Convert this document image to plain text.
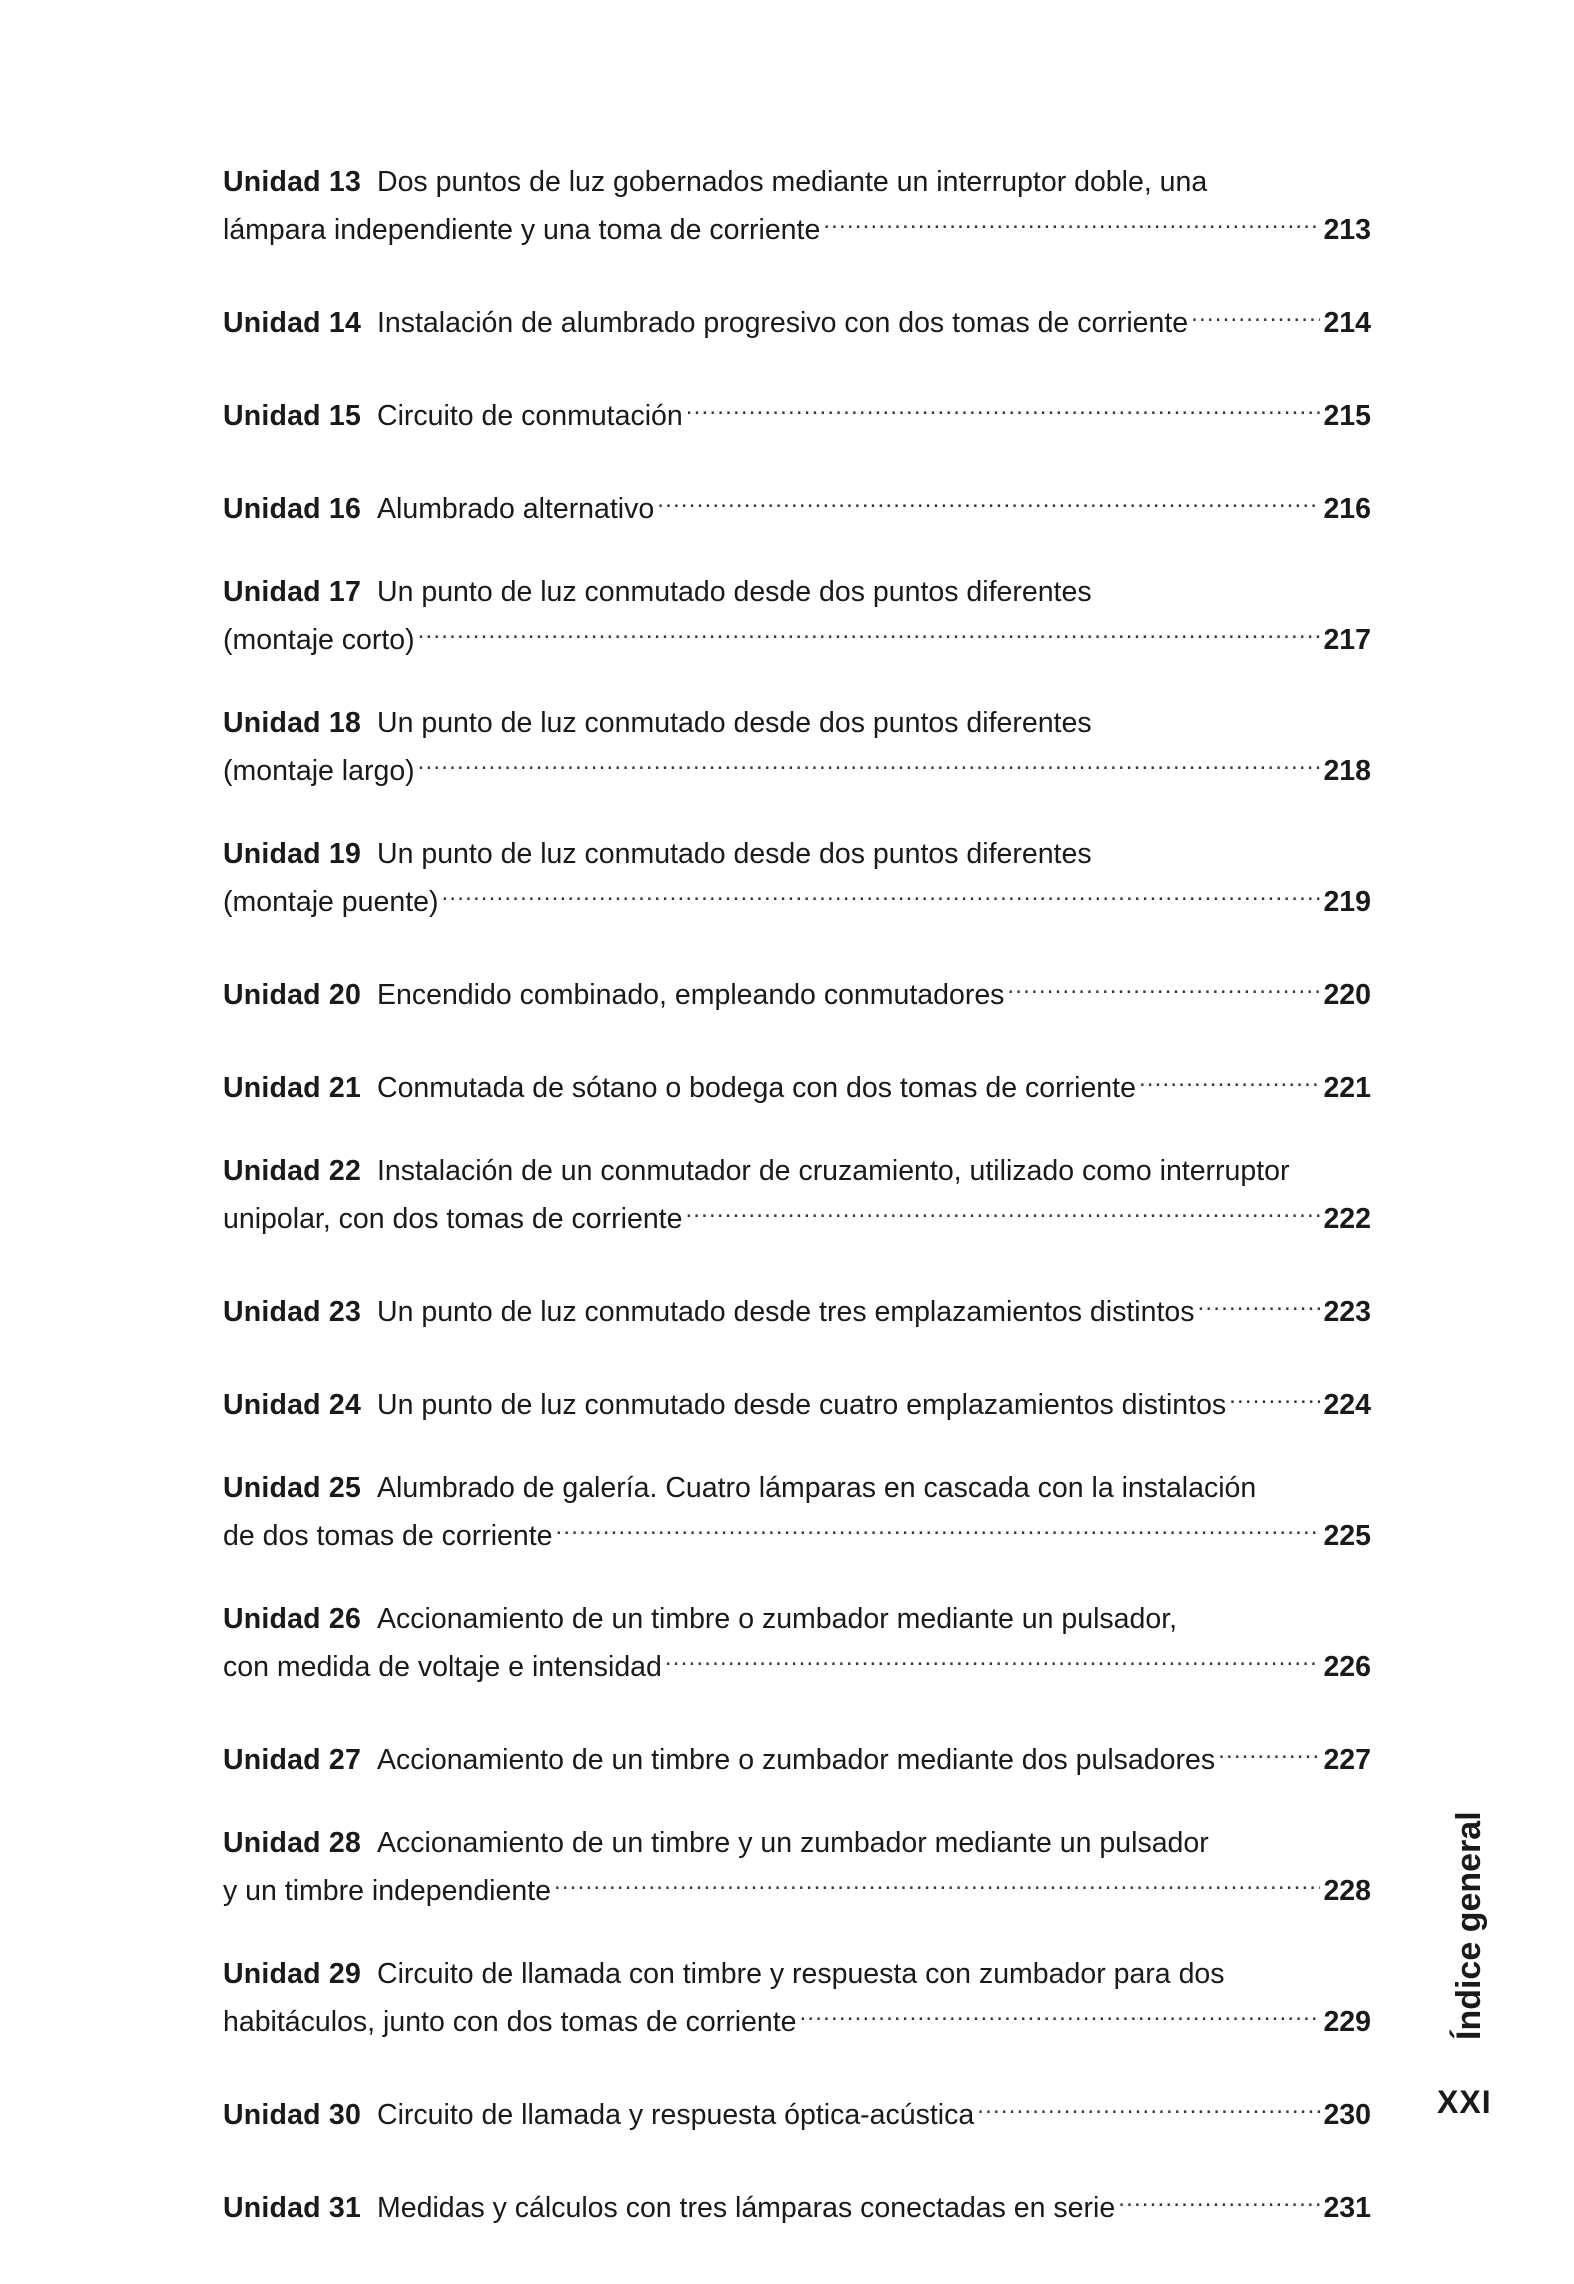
Unidad 13 Dos puntos de luz gobernados mediante un interruptor doble, una
lámpara independiente y una toma de corriente .....	213
Unidad 14 Instalación de alumbrado progresivo con dos tomas de corriente .....	214
Unidad 15 Circuito de conmutación .....	215
Unidad 16 Alumbrado alternativo .....	216
Unidad 17 Un punto de luz conmutado desde dos puntos diferentes
(montaje corto) .....	217
Unidad 18 Un punto de luz conmutado desde dos puntos diferentes
(montaje largo) .....	218
Unidad 19 Un punto de luz conmutado desde dos puntos diferentes
(montaje puente) .....	219
Unidad 20 Encendido combinado, empleando conmutadores .....	220
Unidad 21 Conmutada de sótano o bodega con dos tomas de corriente .....	221
Unidad 22 Instalación de un conmutador de cruzamiento, utilizado como interruptor
unipolar, con dos tomas de corriente .....	222
Unidad 23 Un punto de luz conmutado desde tres emplazamientos distintos .....	223
Unidad 24 Un punto de luz conmutado desde cuatro emplazamientos distintos .....	224
Unidad 25 Alumbrado de galería. Cuatro lámparas en cascada con la instalación
de dos tomas de corriente .....	225
Unidad 26 Accionamiento de un timbre o zumbador mediante un pulsador,
con medida de voltaje e intensidad .....	226
Unidad 27 Accionamiento de un timbre o zumbador mediante dos pulsadores .....	227
Unidad 28 Accionamiento de un timbre y un zumbador mediante un pulsador
y un timbre independiente .....	228
Unidad 29 Circuito de llamada con timbre y respuesta con zumbador para dos
habitáculos, junto con dos tomas de corriente .....	229
Unidad 30 Circuito de llamada y respuesta óptica-acústica .....	230
Unidad 31 Medidas y cálculos con tres lámparas conectadas en serie .....	231
Índice general
XXI
